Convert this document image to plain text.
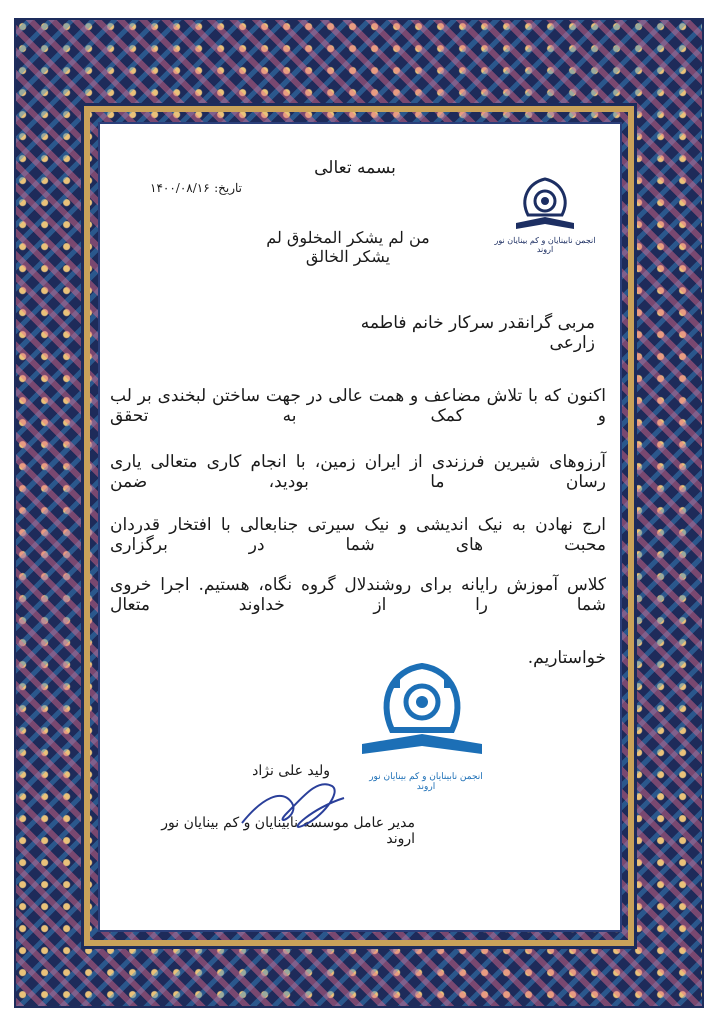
بسمه تعالی
تاریخ:
۱۴۰۰/۰۸/۱۶
من لم یشکر المخلوق لم یشکر الخالق
انجمن نابینایان و کم بینایان نور اروند
مربی گرانقدر سرکار خانم فاطمه زارعی
اکنون که با تلاش مضاعف و همت عالی در جهت ساختن لبخندی بر لب و کمک به تحقق
آرزوهای شیرین فرزندی از ایران زمین، با انجام کاری متعالی یاری رسان ما بودید، ضمن
ارج نهادن به نیک اندیشی و نیک سیرتی جنابعالی با افتخار قدردان محبت های شما در برگزاری
کلاس آموزش رایانه برای روشندلال گروه نگاه، هستیم. اجرا خروی شما را از خداوند متعال
خواستاریم.
انجمن نابینایان و کم بینایان نور اروند
ولید علی نژاد
مدیر عامل موسسه نابینایان و کم بینایان نور اروند
